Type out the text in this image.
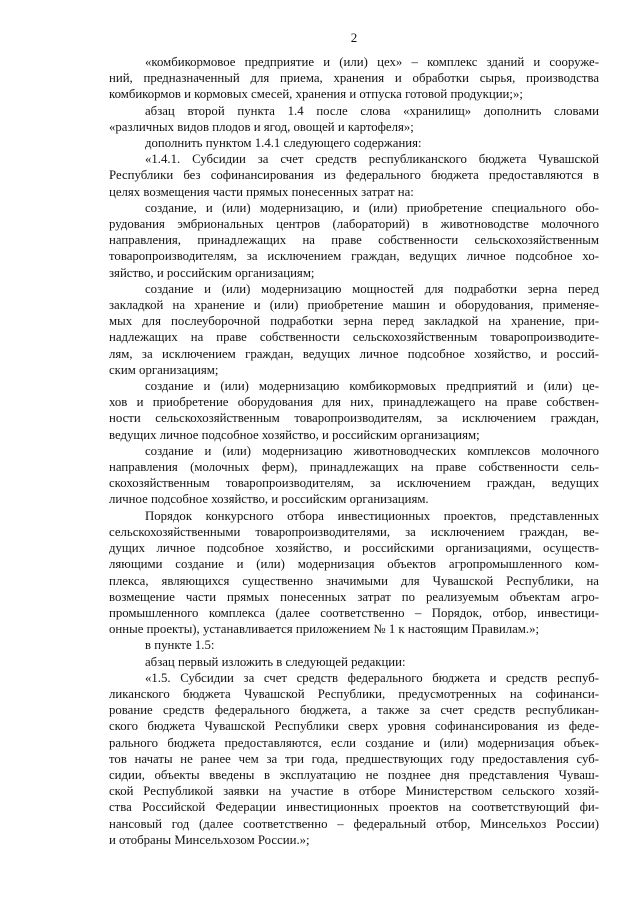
2
«комбикормовое предприятие и (или) цех» – комплекс зданий и сооруже-
ний, предназначенный для приема, хранения и обработки сырья, производства
комбикормов и кормовых смесей, хранения и отпуска готовой продукции;»;
абзац второй пункта 1.4 после слова «хранилищ» дополнить словами
«различных видов плодов и ягод, овощей и картофеля»;
дополнить пунктом 1.4.1 следующего содержания:
«1.4.1. Субсидии за счет средств республиканского бюджета Чувашской
Республики без софинансирования из федерального бюджета предоставляются в
целях возмещения части прямых понесенных затрат на:
создание, и (или) модернизацию, и (или) приобретение специального обо-
рудования эмбриональных центров (лабораторий) в животноводстве молочного
направления, принадлежащих на праве собственности сельскохозяйственным
товаропроизводителям, за исключением граждан, ведущих личное подсобное хо-
зяйство, и российским организациям;
создание и (или) модернизацию мощностей для подработки зерна перед
закладкой на хранение и (или) приобретение машин и оборудования, применяе-
мых для послеуборочной подработки зерна перед закладкой на хранение, при-
надлежащих на праве собственности сельскохозяйственным товаропроизводите-
лям, за исключением граждан, ведущих личное подсобное хозяйство, и россий-
ским организациям;
создание и (или) модернизацию комбикормовых предприятий и (или) це-
хов и приобретение оборудования для них, принадлежащего на праве собствен-
ности сельскохозяйственным товаропроизводителям, за исключением граждан,
ведущих личное подсобное хозяйство, и российским организациям;
создание и (или) модернизацию животноводческих комплексов молочного
направления (молочных ферм), принадлежащих на праве собственности сель-
скохозяйственным товаропроизводителям, за исключением граждан, ведущих
личное подсобное хозяйство, и российским организациям.
Порядок конкурсного отбора инвестиционных проектов, представленных
сельскохозяйственными товаропроизводителями, за исключением граждан, ве-
дущих личное подсобное хозяйство, и российскими организациями, осуществ-
ляющими создание и (или) модернизация объектов агропромышленного ком-
плекса, являющихся существенно значимыми для Чувашской Республики, на
возмещение части прямых понесенных затрат по реализуемым объектам агро-
промышленного комплекса (далее соответственно – Порядок, отбор, инвестици-
онные проекты), устанавливается приложением № 1 к настоящим Правилам.»;
в пункте 1.5:
абзац первый изложить в следующей редакции:
«1.5. Субсидии за счет средств федерального бюджета и средств респуб-
ликанского бюджета Чувашской Республики, предусмотренных на софинанси-
рование средств федерального бюджета, а также за счет средств республикан-
ского бюджета Чувашской Республики сверх уровня софинансирования из феде-
рального бюджета предоставляются, если создание и (или) модернизация объек-
тов начаты не ранее чем за три года, предшествующих году предоставления суб-
сидии, объекты введены в эксплуатацию не позднее дня представления Чуваш-
ской Республикой заявки на участие в отборе Министерством сельского хозяй-
ства Российской Федерации инвестиционных проектов на соответствующий фи-
нансовый год (далее соответственно – федеральный отбор, Минсельхоз России)
и отобраны Минсельхозом России.»;
